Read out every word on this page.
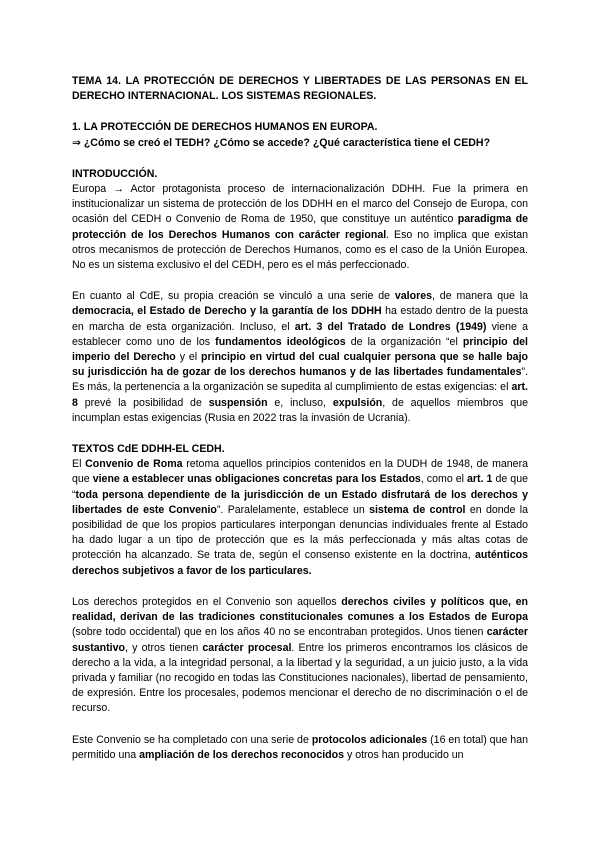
TEMA 14. LA PROTECCIÓN DE DERECHOS Y LIBERTADES DE LAS PERSONAS EN EL DERECHO INTERNACIONAL. LOS SISTEMAS REGIONALES.

1. LA PROTECCIÓN DE DERECHOS HUMANOS EN EUROPA.

⇒ ¿Cómo se creó el TEDH? ¿Cómo se accede? ¿Qué característica tiene el CEDH?

INTRODUCCIÓN.

Europa → Actor protagonista proceso de internacionalización DDHH. Fue la primera en institucionalizar un sistema de protección de los DDHH en el marco del Consejo de Europa, con ocasión del CEDH o Convenio de Roma de 1950, que constituye un auténtico paradigma de protección de los Derechos Humanos con carácter regional. Eso no implica que existan otros mecanismos de protección de Derechos Humanos, como es el caso de la Unión Europea. No es un sistema exclusivo el del CEDH, pero es el más perfeccionado.

En cuanto al CdE, su propia creación se vinculó a una serie de valores, de manera que la democracia, el Estado de Derecho y la garantía de los DDHH ha estado dentro de la puesta en marcha de esta organización. Incluso, el art. 3 del Tratado de Londres (1949) viene a establecer como uno de los fundamentos ideológicos de la organización “el principio del imperio del Derecho y el principio en virtud del cual cualquier persona que se halle bajo su jurisdicción ha de gozar de los derechos humanos y de las libertades fundamentales”. Es más, la pertenencia a la organización se supedita al cumplimiento de estas exigencias: el art. 8 prevé la posibilidad de suspensión e, incluso, expulsión, de aquellos miembros que incumplan estas exigencias (Rusia en 2022 tras la invasión de Ucrania).

TEXTOS CdE DDHH-EL CEDH.

El Convenio de Roma retoma aquellos principios contenidos en la DUDH de 1948, de manera que viene a establecer unas obligaciones concretas para los Estados, como el art. 1 de que “toda persona dependiente de la jurisdicción de un Estado disfrutará de los derechos y libertades de este Convenio”. Paralelamente, establece un sistema de control en donde la posibilidad de que los propios particulares interpongan denuncias individuales frente al Estado ha dado lugar a un tipo de protección que es la más perfeccionada y más altas cotas de protección ha alcanzado. Se trata de, según el consenso existente en la doctrina, auténticos derechos subjetivos a favor de los particulares.

Los derechos protegidos en el Convenio son aquellos derechos civiles y políticos que, en realidad, derivan de las tradiciones constitucionales comunes a los Estados de Europa (sobre todo occidental) que en los años 40 no se encontraban protegidos. Unos tienen carácter sustantivo, y otros tienen carácter procesal. Entre los primeros encontramos los clásicos de derecho a la vida, a la integridad personal, a la libertad y la seguridad, a un juicio justo, a la vida privada y familiar (no recogido en todas las Constituciones nacionales), libertad de pensamiento, de expresión. Entre los procesales, podemos mencionar el derecho de no discriminación o el de recurso.

Este Convenio se ha completado con una serie de protocolos adicionales (16 en total) que han permitido una ampliación de los derechos reconocidos y otros han producido un
